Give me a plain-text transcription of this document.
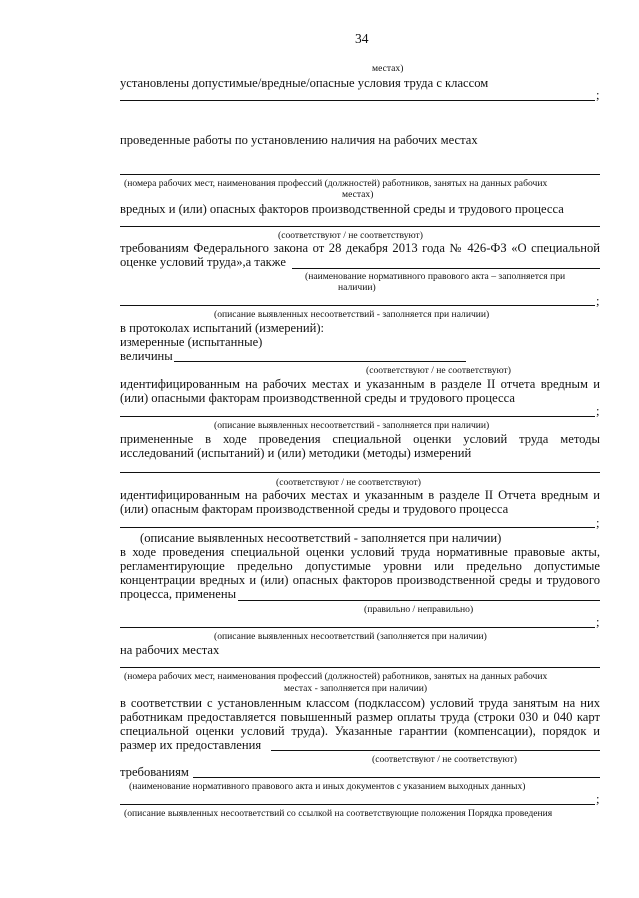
34
местах)
установлены допустимые/вредные/опасные условия труда с классом
;
проведенные работы по установлению наличия на рабочих местах
(номера рабочих мест, наименования профессий (должностей) работников, занятых на данных рабочих
местах)
вредных и (или) опасных факторов производственной среды и трудового процесса
(соответствуют / не соответствуют)
требованиям Федерального закона от 28 декабря 2013 года № 426-ФЗ «О специальной
оценке условий труда»,а также
(наименование нормативного правового акта – заполняется при
наличии)
;
(описание выявленных несоответствий - заполняется при наличии)
в протоколах испытаний (измерений):
измеренные (испытанные)
величины
(соответствуют / не соответствуют)
идентифицированным на рабочих местах и указанным в разделе II отчета вредным и
(или) опасными факторам производственной среды и трудового процесса
;
(описание выявленных несоответствий - заполняется при наличии)
примененные в ходе проведения специальной оценки условий труда методы
исследований (испытаний) и (или) методики (методы) измерений
(соответствуют / не соответствуют)
идентифицированным на рабочих местах и указанным в разделе II Отчета вредным и
(или) опасным факторам производственной среды и трудового процесса
;
(описание выявленных несоответствий - заполняется при наличии)
в ходе проведения специальной оценки условий труда нормативные правовые акты,
регламентирующие предельно допустимые уровни или предельно допустимые
концентрации вредных и (или) опасных факторов производственной среды и трудового
процесса, применены
(правильно / неправильно)
;
(описание выявленных несоответствий (заполняется при наличии)
на рабочих местах
(номера рабочих мест, наименования профессий (должностей) работников, занятых на данных рабочих
местах - заполняется при наличии)
в соответствии с установленным классом (подклассом) условий труда занятым на них
работникам предоставляется повышенный размер оплаты труда (строки 030 и 040 карт
специальной оценки условий труда). Указанные гарантии (компенсации), порядок и
размер их предоставления
(соответствуют / не соответствуют)
требованиям
(наименование нормативного правового акта и иных документов с указанием выходных данных)
;
(описание выявленных несоответствий со ссылкой на соответствующие положения Порядка проведения
